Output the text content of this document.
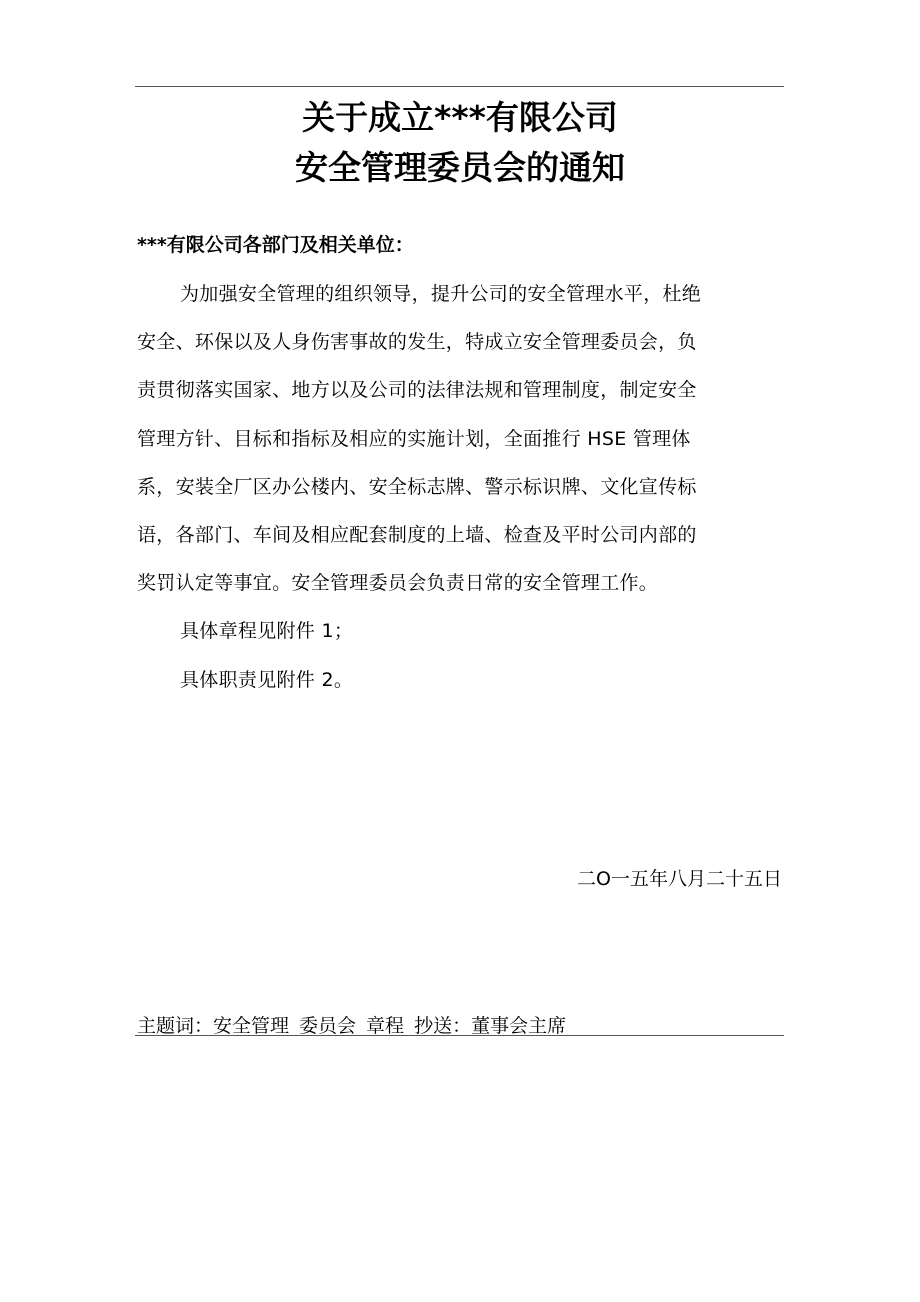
关于成立***有限公司
安全管理委员会的通知
***有限公司各部门及相关单位：
为加强安全管理的组织领导，提升公司的安全管理水平，杜绝
安全、环保以及人身伤害事故的发生，特成立安全管理委员会，负
责贯彻落实国家、地方以及公司的法律法规和管理制度，制定安全
管理方针、目标和指标及相应的实施计划，全面推行 HSE 管理体
系，安装全厂区办公楼内、安全标志牌、警示标识牌、文化宣传标
语，各部门、车间及相应配套制度的上墙、检查及平时公司内部的
奖罚认定等事宜。安全管理委员会负责日常的安全管理工作。
具体章程见附件 1；
具体职责见附件 2。
二O一五年八月二十五日
主题词：安全管理 委员会 章程 抄送：董事会主席
